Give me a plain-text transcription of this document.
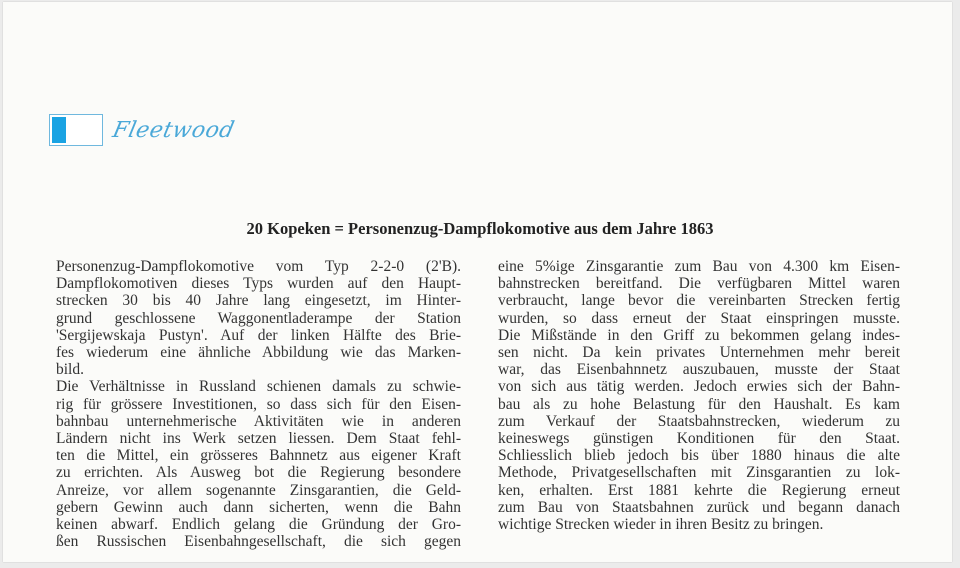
Fleetwood
20 Kopeken = Personenzug-Dampflokomotive aus dem Jahre 1863
Personenzug-Dampflokomotive vom Typ 2-2-0 (2'B).
Dampflokomotiven dieses Typs wurden auf den Haupt-
strecken 30 bis 40 Jahre lang eingesetzt, im Hinter-
grund geschlossene Waggonentladerampe der Station
'Sergijewskaja Pustyn'. Auf der linken Hälfte des Brie-
fes wiederum eine ähnliche Abbildung wie das Marken-
bild.
Die Verhältnisse in Russland schienen damals zu schwie-
rig für grössere Investitionen, so dass sich für den Eisen-
bahnbau unternehmerische Aktivitäten wie in anderen
Ländern nicht ins Werk setzen liessen. Dem Staat fehl-
ten die Mittel, ein grösseres Bahnnetz aus eigener Kraft
zu errichten. Als Ausweg bot die Regierung besondere
Anreize, vor allem sogenannte Zinsgarantien, die Geld-
gebern Gewinn auch dann sicherten, wenn die Bahn
keinen abwarf. Endlich gelang die Gründung der Gro-
ßen Russischen Eisenbahngesellschaft, die sich gegen
eine 5%ige Zinsgarantie zum Bau von 4.300 km Eisen-
bahnstrecken bereitfand. Die verfügbaren Mittel waren
verbraucht, lange bevor die vereinbarten Strecken fertig
wurden, so dass erneut der Staat einspringen musste.
Die Mißstände in den Griff zu bekommen gelang indes-
sen nicht. Da kein privates Unternehmen mehr bereit
war, das Eisenbahnnetz auszubauen, musste der Staat
von sich aus tätig werden. Jedoch erwies sich der Bahn-
bau als zu hohe Belastung für den Haushalt. Es kam
zum Verkauf der Staatsbahnstrecken, wiederum zu
keineswegs günstigen Konditionen für den Staat.
Schliesslich blieb jedoch bis über 1880 hinaus die alte
Methode, Privatgesellschaften mit Zinsgarantien zu lok-
ken, erhalten. Erst 1881 kehrte die Regierung erneut
zum Bau von Staatsbahnen zurück und begann danach
wichtige Strecken wieder in ihren Besitz zu bringen.
